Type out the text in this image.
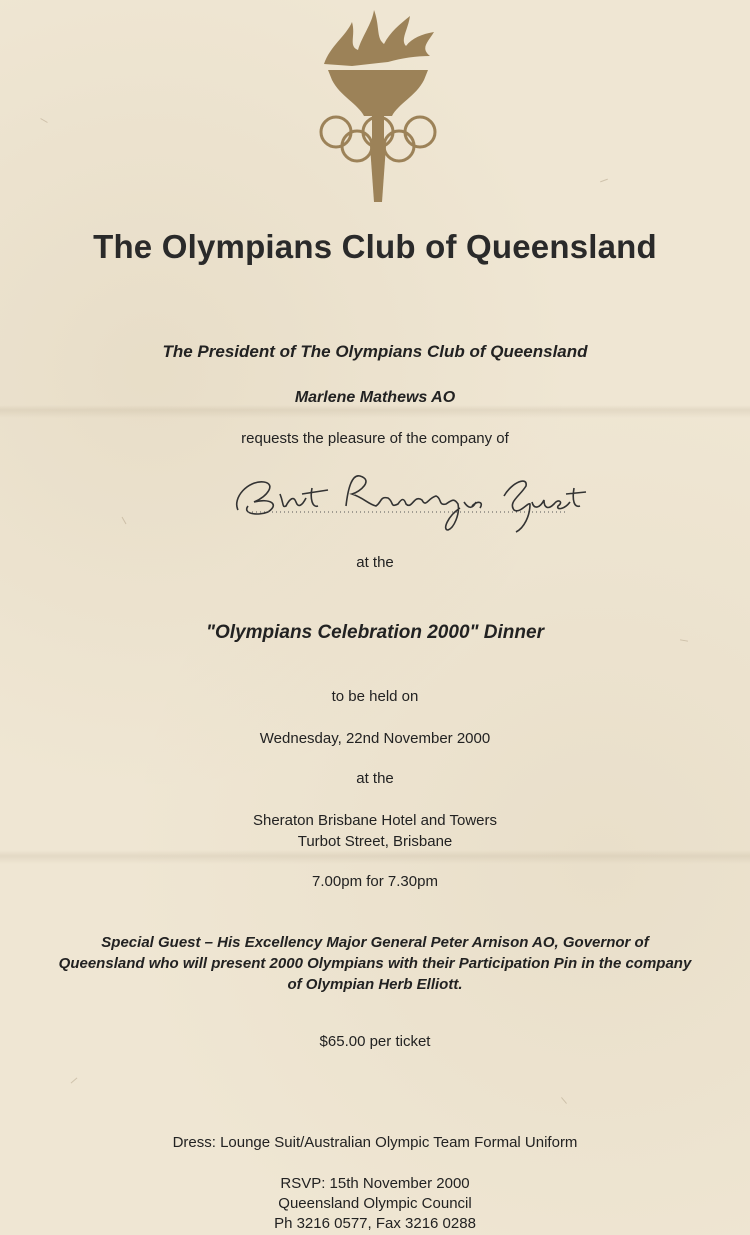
The Olympians Club of Queensland
The President of The Olympians Club of Queensland
Marlene Mathews AO
requests the pleasure of the company of
at the
"Olympians Celebration 2000" Dinner
to be held on
Wednesday, 22nd November 2000
at the
Sheraton Brisbane Hotel and Towers
Turbot Street, Brisbane
7.00pm for 7.30pm
Special Guest – His Excellency Major General Peter Arnison AO, Governor of
Queensland who will present 2000 Olympians with their Participation Pin in the company
of Olympian Herb Elliott.
$65.00 per ticket
Dress: Lounge Suit/Australian Olympic Team Formal Uniform
RSVP: 15th November 2000
Queensland Olympic Council
Ph 3216 0577, Fax 3216 0288
